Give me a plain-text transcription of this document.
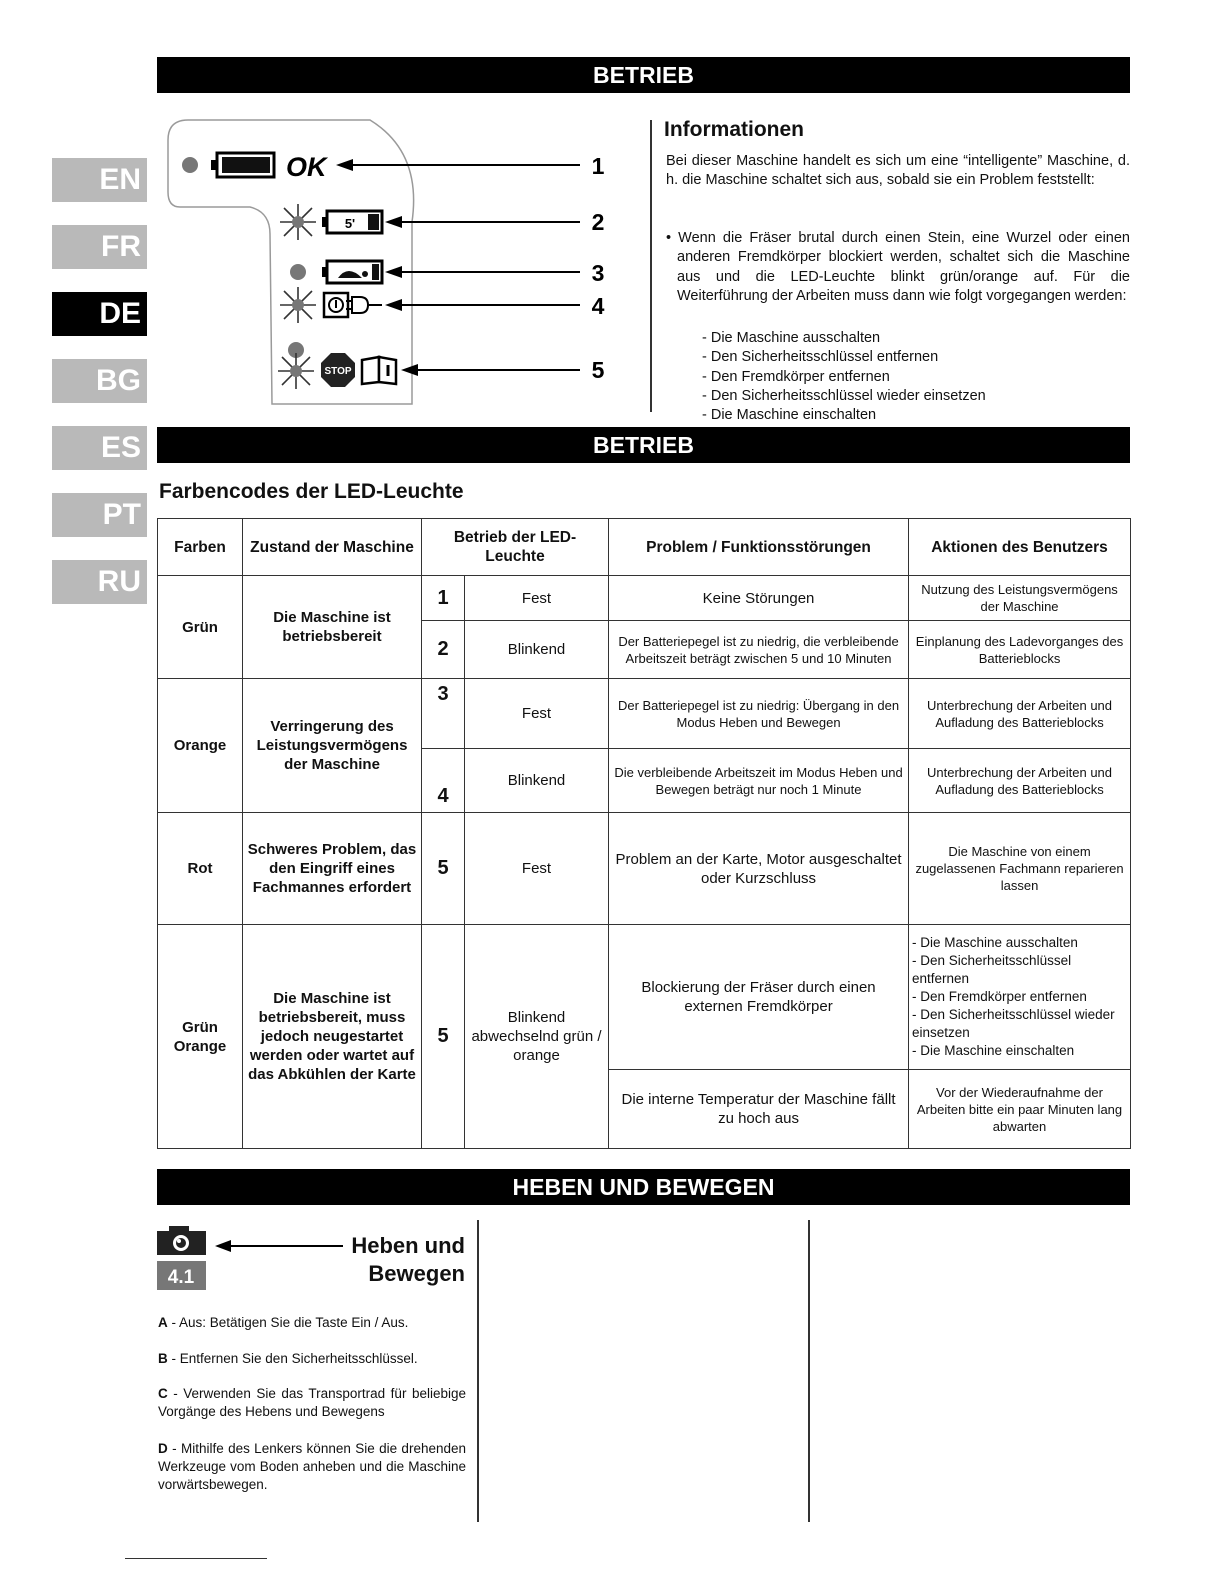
EN
FR
DE
BG
ES
PT
RU
BETRIEB
OK	1
5'	2
3
4
STOP	5
Informationen
Bei dieser Maschine handelt es sich um eine “intelligente” Maschine, d. h. die Maschine schaltet sich aus, sobald sie ein Problem feststellt:
• Wenn die Fräser brutal durch einen Stein, eine Wurzel oder einen anderen Fremdkörper blockiert werden, schaltet sich die Maschine aus und die LED-Leuchte blinkt grün/orange auf. Für die Weiterführung der Arbeiten muss dann wie folgt vorgegangen werden:
- Die Maschine ausschalten
- Den Sicherheitsschlüssel entfernen
- Den Fremdkörper entfernen
- Den Sicherheitsschlüssel wieder einsetzen
- Die Maschine einschalten
BETRIEB
Farbencodes der LED-Leuchte
Farben	Zustand der Maschine	Betrieb der LED-Leuchte		Problem / Funktionsstörungen	Aktionen des Benutzers
Grün	Die Maschine ist betriebsbereit	1	Fest	Keine Störungen	Nutzung des Leistungsvermögens der Maschine
		2	Blinkend	Der Batteriepegel ist zu niedrig, die verbleibende Arbeitszeit beträgt zwischen 5 und 10 Minuten	Einplanung des Ladevorganges des Batterieblocks
Orange	Verringerung des Leistungsvermögens der Maschine	3	Fest	Der Batteriepegel ist zu niedrig: Übergang in den Modus Heben und Bewegen	Unterbrechung der Arbeiten und Aufladung des Batterieblocks
		4	Blinkend	Die verbleibende Arbeitszeit im Modus Heben und Bewegen beträgt nur noch 1 Minute	Unterbrechung der Arbeiten und Aufladung des Batterieblocks
Rot	Schweres Problem, das den Eingriff eines Fachmannes erfordert	5	Fest	Problem an der Karte, Motor ausgeschaltet oder Kurzschluss	Die Maschine von einem zugelassenen Fachmann reparieren lassen
Grün Orange	Die Maschine ist betriebsbereit, muss jedoch neugestartet werden oder wartet auf das Abkühlen der Karte	5	Blinkend abwechselnd grün / orange	Blockierung der Fräser durch einen externen Fremdkörper	- Die Maschine ausschalten
- Den Sicherheitsschlüssel entfernen
- Den Fremdkörper entfernen
- Den Sicherheitsschlüssel wieder einsetzen
- Die Maschine einschalten

				Die interne Temperatur der Maschine fällt zu hoch aus	Vor der Wiederaufnahme der Arbeiten bitte ein paar Minuten lang abwarten
HEBEN UND BEWEGEN
4.1
Heben und
Bewegen
A - Aus: Betätigen Sie die Taste Ein / Aus.
B - Entfernen Sie den Sicherheitsschlüssel.
C - Verwenden Sie das Transportrad für beliebige Vorgänge des Hebens und Bewegens
D - Mithilfe des Lenkers können Sie die drehenden Werkzeuge vom Boden anheben und die Maschine vorwärtsbewegen.
